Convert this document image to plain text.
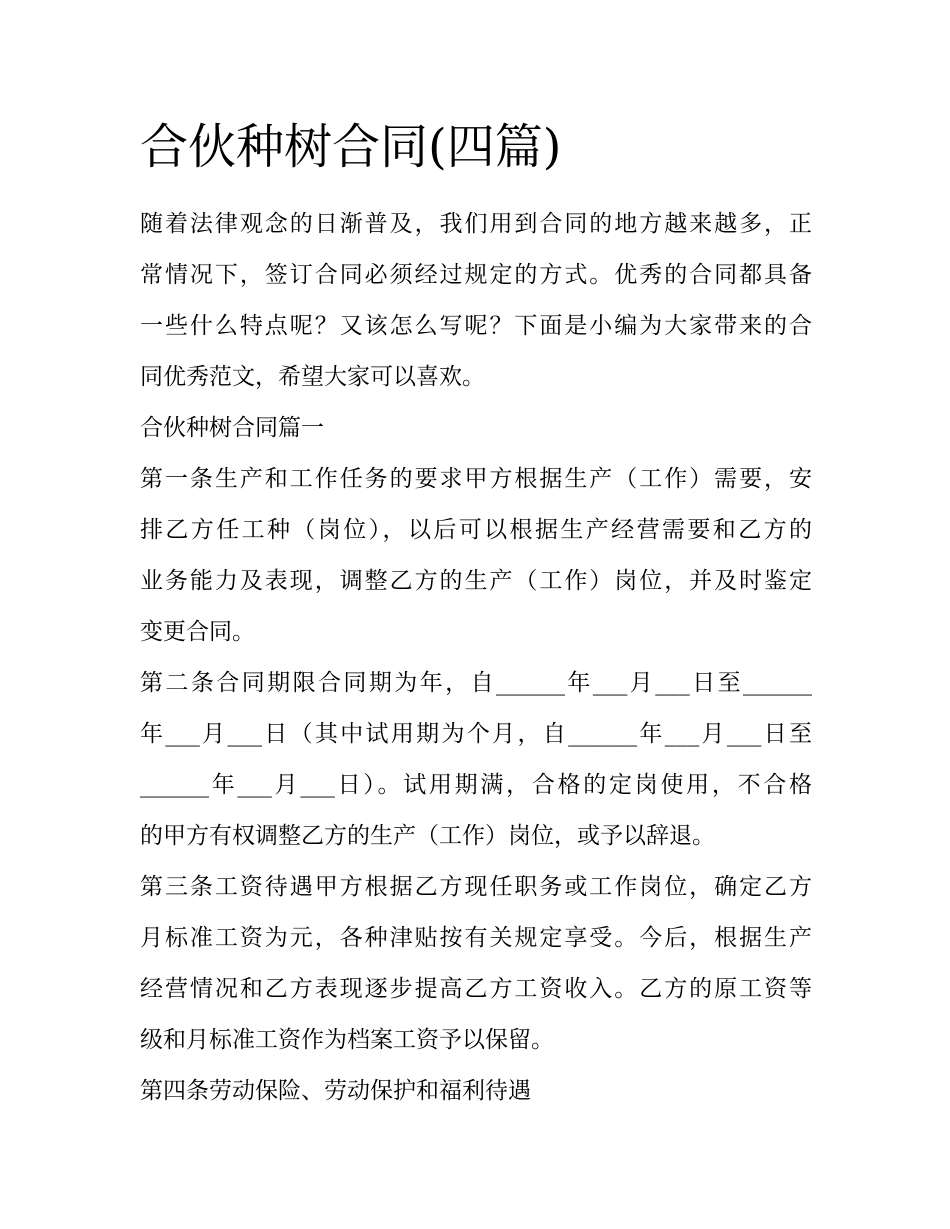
合伙种树合同(四篇)
随着法律观念的日渐普及，我们用到合同的地方越来越多，正
常情况下，签订合同必须经过规定的方式。优秀的合同都具备
一些什么特点呢？又该怎么写呢？下面是小编为大家带来的合
同优秀范文，希望大家可以喜欢。
合伙种树合同篇一
第一条生产和工作任务的要求甲方根据生产（工作）需要，安
排乙方任工种（岗位），以后可以根据生产经营需要和乙方的
业务能力及表现，调整乙方的生产（工作）岗位，并及时鉴定
变更合同。
第二条合同期限合同期为年，自______年___月___日至______
年___月___日（其中试用期为个月，自______年___月___日至
______年___月___日）。试用期满，合格的定岗使用，不合格
的甲方有权调整乙方的生产（工作）岗位，或予以辞退。
第三条工资待遇甲方根据乙方现任职务或工作岗位，确定乙方
月标准工资为元，各种津贴按有关规定享受。今后，根据生产
经营情况和乙方表现逐步提高乙方工资收入。乙方的原工资等
级和月标准工资作为档案工资予以保留。
第四条劳动保险、劳动保护和福利待遇
